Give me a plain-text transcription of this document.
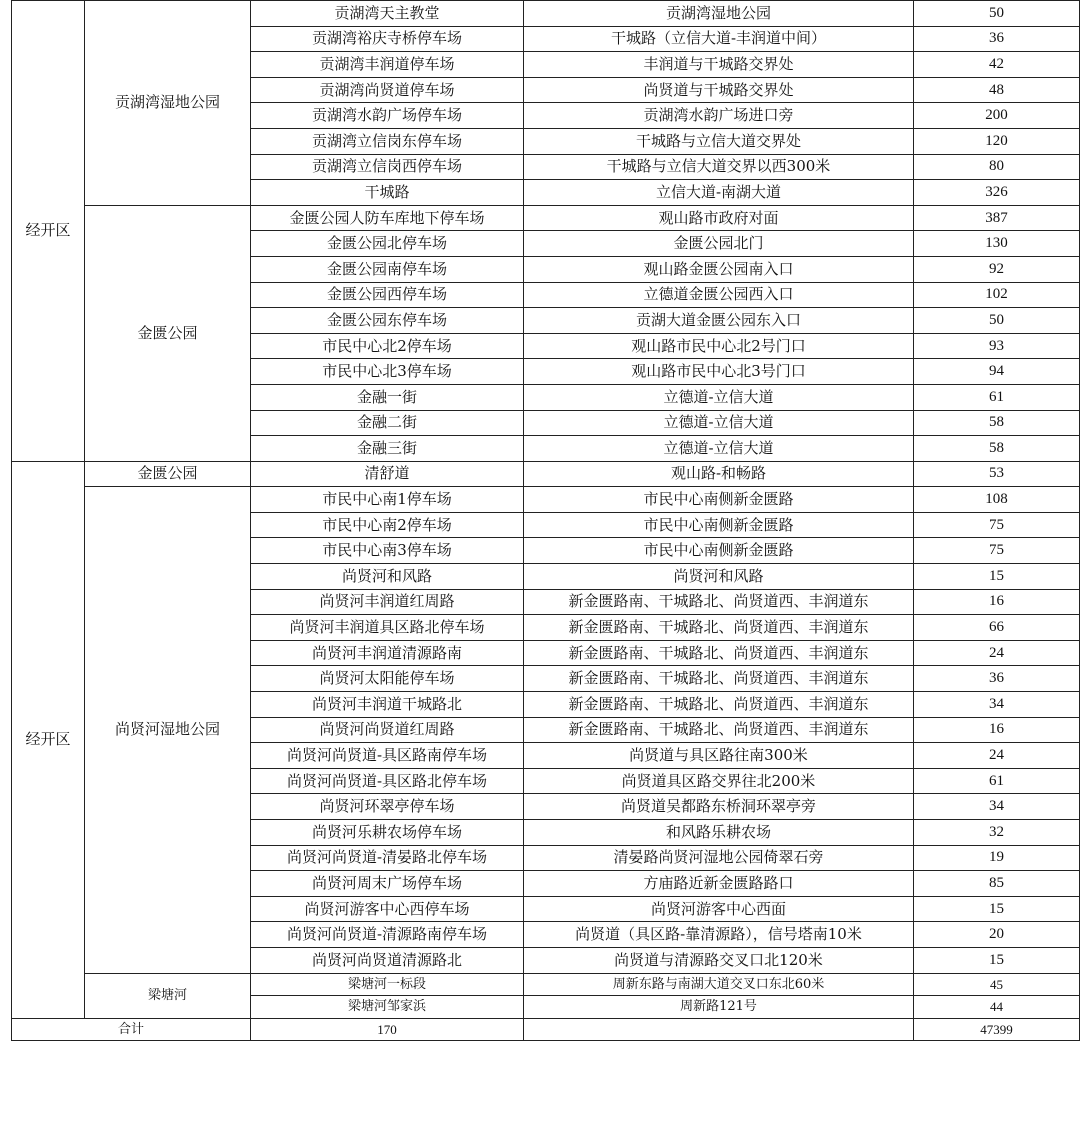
经开区	贡湖湾湿地公园	贡湖湾天主教堂	贡湖湾湿地公园	50
		贡湖湾裕庆寺桥停车场	干城路（立信大道-丰润道中间）	36
		贡湖湾丰润道停车场	丰润道与干城路交界处	42
		贡湖湾尚贤道停车场	尚贤道与干城路交界处	48
		贡湖湾水韵广场停车场	贡湖湾水韵广场进口旁	200
		贡湖湾立信岗东停车场	干城路与立信大道交界处	120
		贡湖湾立信岗西停车场	干城路与立信大道交界以西300米	80
		干城路	立信大道-南湖大道	326
	金匮公园	金匮公园人防车库地下停车场	观山路市政府对面	387
		金匮公园北停车场	金匮公园北门	130
		金匮公园南停车场	观山路金匮公园南入口	92
		金匮公园西停车场	立德道金匮公园西入口	102
		金匮公园东停车场	贡湖大道金匮公园东入口	50
		市民中心北2停车场	观山路市民中心北2号门口	93
		市民中心北3停车场	观山路市民中心北3号门口	94
		金融一街	立德道-立信大道	61
		金融二街	立德道-立信大道	58
		金融三街	立德道-立信大道	58
经开区	金匮公园	清舒道	观山路-和畅路	53
	尚贤河湿地公园	市民中心南1停车场	市民中心南侧新金匮路	108
		市民中心南2停车场	市民中心南侧新金匮路	75
		市民中心南3停车场	市民中心南侧新金匮路	75
		尚贤河和风路	尚贤河和风路	15
		尚贤河丰润道红周路	新金匮路南、干城路北、尚贤道西、丰润道东	16
		尚贤河丰润道具区路北停车场	新金匮路南、干城路北、尚贤道西、丰润道东	66
		尚贤河丰润道清源路南	新金匮路南、干城路北、尚贤道西、丰润道东	24
		尚贤河太阳能停车场	新金匮路南、干城路北、尚贤道西、丰润道东	36
		尚贤河丰润道干城路北	新金匮路南、干城路北、尚贤道西、丰润道东	34
		尚贤河尚贤道红周路	新金匮路南、干城路北、尚贤道西、丰润道东	16
		尚贤河尚贤道-具区路南停车场	尚贤道与具区路往南300米	24
		尚贤河尚贤道-具区路北停车场	尚贤道具区路交界往北200米	61
		尚贤河环翠亭停车场	尚贤道吴都路东桥洞环翠亭旁	34
		尚贤河乐耕农场停车场	和风路乐耕农场	32
		尚贤河尚贤道-清晏路北停车场	清晏路尚贤河湿地公园倚翠石旁	19
		尚贤河周末广场停车场	方庙路近新金匮路路口	85
		尚贤河游客中心西停车场	尚贤河游客中心西面	15
		尚贤河尚贤道-清源路南停车场	尚贤道（具区路-靠清源路），信号塔南10米	20
		尚贤河尚贤道清源路北	尚贤道与清源路交叉口北120米	15
	梁塘河	梁塘河一标段	周新东路与南湖大道交叉口东北60米	45
		梁塘河邹家浜	周新路121号	44
合计		170		47399
